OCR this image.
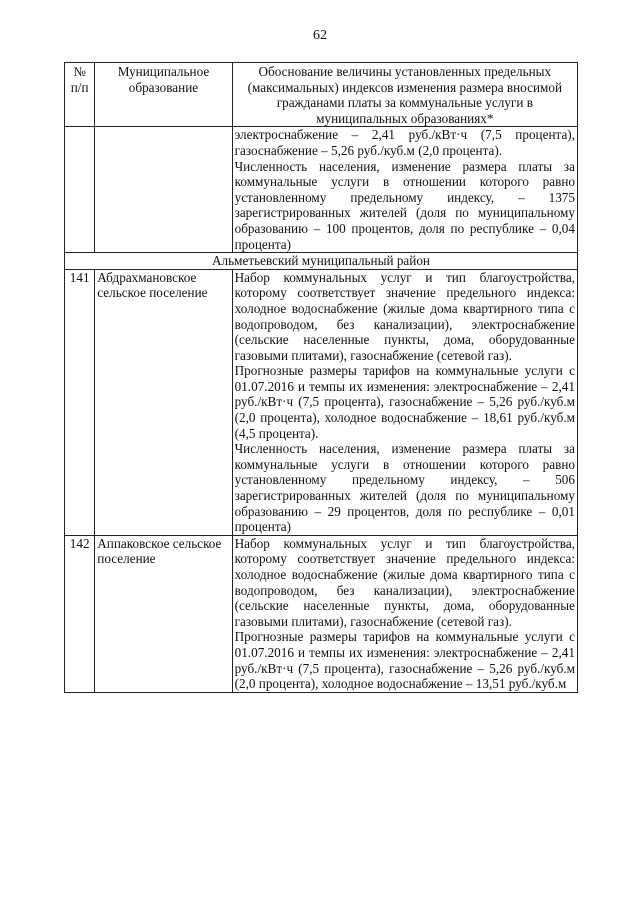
62
№ п/п	Муниципальное образование	Обоснование величины установленных предельных (максимальных) индексов изменения размера вносимой гражданами платы за коммунальные услуги в муниципальных образованиях*

		электроснабжение – 2,41 руб./кВт·ч (7,5 процента), газоснабжение – 5,26 руб./куб.м (2,0 процента).

Численность населения, изменение размера платы за коммунальные услуги в отношении которого равно установленному предельному индексу, – 1375 зарегистрированных жителей (доля по муниципальному образованию – 100 процентов, доля по республике – 0,04 процента)

Альметьевский муниципальный район		
141	Абдрахмановское сельское поселение	Набор коммунальных услуг и тип благоустройства, которому соответствует значение предельного индекса: холодное водоснабжение (жилые дома квартирного типа с водопроводом, без канализации), электроснабжение (сельские населенные пункты, дома, оборудованные газовыми плитами), газоснабжение (сетевой газ).

Прогнозные размеры тарифов на коммунальные услуги с 01.07.2016 и темпы их изменения: электроснабжение – 2,41 руб./кВт·ч (7,5 процента), газоснабжение – 5,26 руб./куб.м (2,0 процента), холодное водоснабжение – 18,61 руб./куб.м (4,5 процента).

Численность населения, изменение размера платы за коммунальные услуги в отношении которого равно установленному предельному индексу, – 506 зарегистрированных жителей (доля по муниципальному образованию – 29 процентов, доля по республике – 0,01 процента)

142	Аппаковское сельское поселение	Набор коммунальных услуг и тип благоустройства, которому соответствует значение предельного индекса: холодное водоснабжение (жилые дома квартирного типа с водопроводом, без канализации), электроснабжение (сельские населенные пункты, дома, оборудованные газовыми плитами), газоснабжение (сетевой газ).

Прогнозные размеры тарифов на коммунальные услуги с 01.07.2016 и темпы их изменения: электроснабжение – 2,41 руб./кВт·ч (7,5 процента), газоснабжение – 5,26 руб./куб.м (2,0 процента), холодное водоснабжение – 13,51 руб./куб.м
